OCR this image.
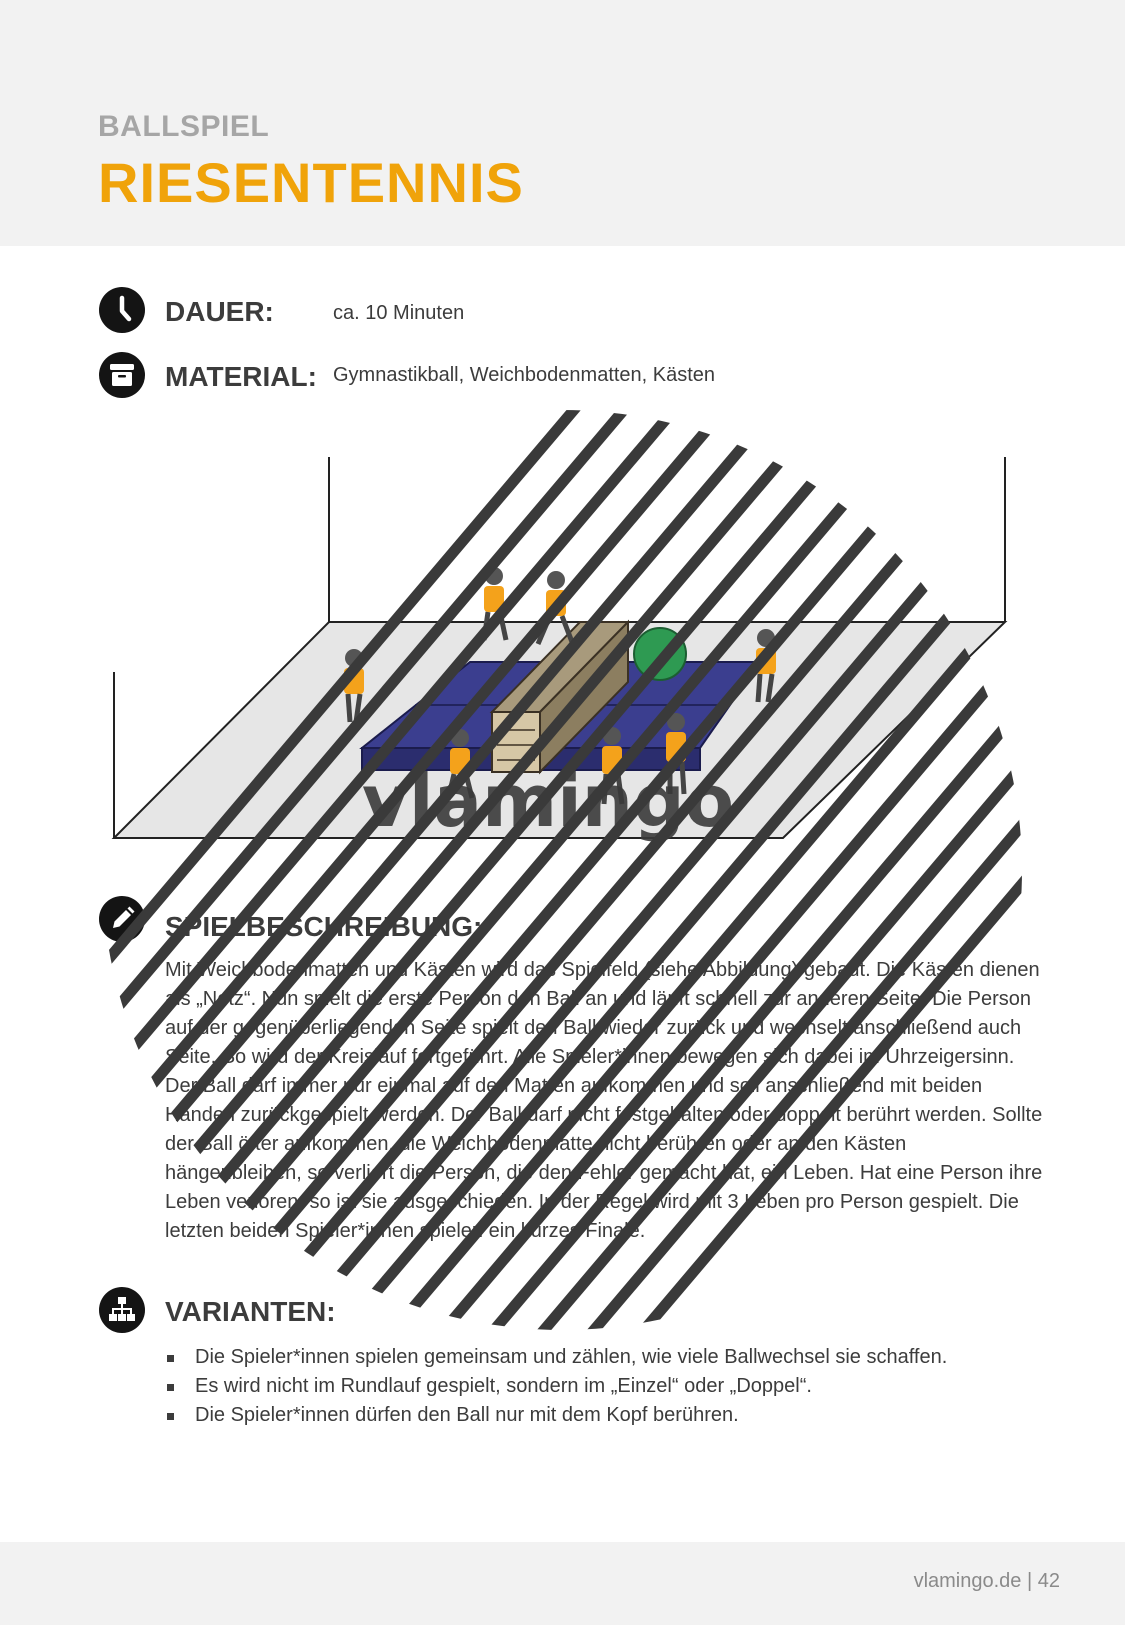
BALLSPIEL
RIESENTENNIS
DAUER:	ca. 10 Minuten
MATERIAL: Gymnastikball, Weichbodenmatten, Kästen
vlamingo
SPIELBESCHREIBUNG:
Mit Weichbodenmatten und Kästen wird das Spielfeld (siehe Abbildung) gebaut. Die Kästen dienen als „Netz“. Nun spielt die erste Person den Ball an und läuft schnell zur anderen Seite. Die Person auf der gegenüberliegenden Seite spielt den Ball wieder zurück und wechselt anschließend auch Seite. So wird der Kreislauf fortgeführt. Alle Spieler*innen bewegen sich dabei im Uhrzeigersinn. Der Ball darf immer nur einmal auf den Matten aufkommen und soll anschließend mit beiden Händen zurückgespielt werden. Der Ball darf nicht festgehalten oder doppelt berührt werden. Sollte der Ball öfter aufkommen, die Weichbodenmatte nicht berühren oder an den Kästen hängenbleiben, so verliert die Person, die den Fehler gemacht hat, ein Leben. Hat eine Person ihre Leben verloren, so ist sie ausgeschieden. In der Regel wird mit 3 Leben pro Person gespielt. Die letzten beiden Spieler*innen spielen ein kurzes Finale.
VARIANTEN:
Die Spieler*innen spielen gemeinsam und zählen, wie viele Ballwechsel sie schaffen.
Es wird nicht im Rundlauf gespielt, sondern im „Einzel“ oder „Doppel“.
Die Spieler*innen dürfen den Ball nur mit dem Kopf berühren.
vlamingo.de | 42
